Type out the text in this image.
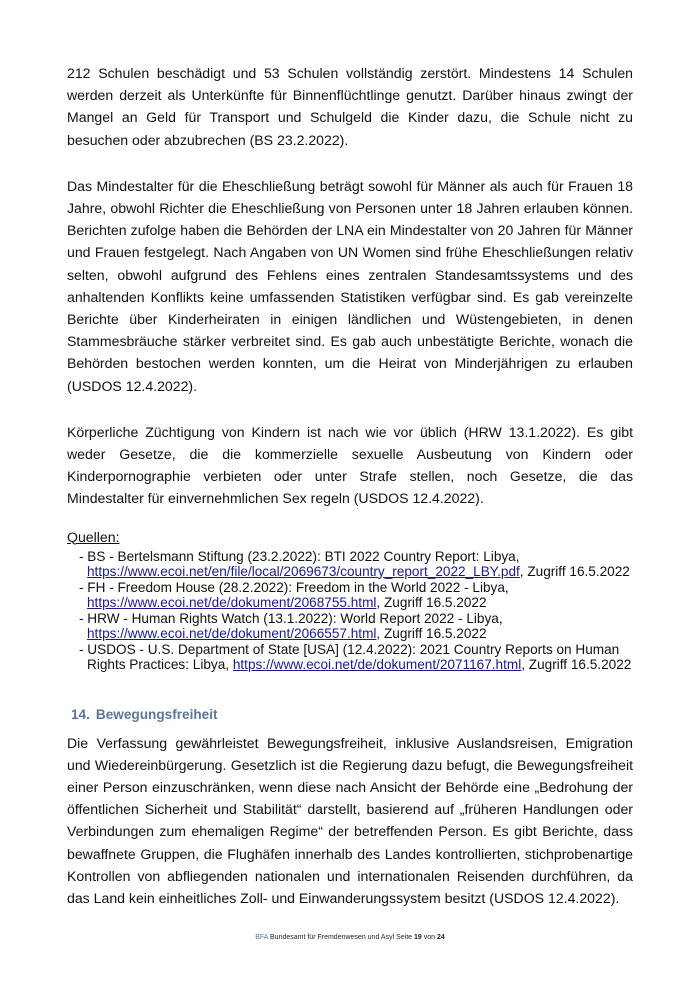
212 Schulen beschädigt und 53 Schulen vollständig zerstört. Mindestens 14 Schulen werden derzeit als Unterkünfte für Binnenflüchtlinge genutzt. Darüber hinaus zwingt der Mangel an Geld für Transport und Schulgeld die Kinder dazu, die Schule nicht zu besuchen oder abzubrechen (BS 23.2.2022).

Das Mindestalter für die Eheschließung beträgt sowohl für Männer als auch für Frauen 18 Jahre, obwohl Richter die Eheschließung von Personen unter 18 Jahren erlauben können. Berichten zufolge haben die Behörden der LNA ein Mindestalter von 20 Jahren für Männer und Frauen festgelegt. Nach Angaben von UN Women sind frühe Eheschließungen relativ selten, obwohl aufgrund des Fehlens eines zentralen Standesamtssystems und des anhaltenden Konflikts keine umfassenden Statistiken verfügbar sind. Es gab vereinzelte Berichte über Kinderheiraten in einigen ländlichen und Wüstengebieten, in denen Stammesbräuche stärker verbreitet sind. Es gab auch unbestätigte Berichte, wonach die Behörden bestochen werden konnten, um die Heirat von Minderjährigen zu erlauben (USDOS 12.4.2022).

Körperliche Züchtigung von Kindern ist nach wie vor üblich (HRW 13.1.2022). Es gibt weder Gesetze, die die kommerzielle sexuelle Ausbeutung von Kindern oder Kinderpornographie verbieten oder unter Strafe stellen, noch Gesetze, die das Mindestalter für einvernehmlichen Sex regeln (USDOS 12.4.2022).

Quellen:
- BS - Bertelsmann Stiftung (23.2.2022): BTI 2022 Country Report: Libya, https://www.ecoi.net/en/file/local/2069673/country_report_2022_LBY.pdf, Zugriff 16.5.2022
- FH - Freedom House (28.2.2022): Freedom in the World 2022 - Libya, https://www.ecoi.net/de/dokument/2068755.html, Zugriff 16.5.2022
- HRW - Human Rights Watch (13.1.2022): World Report 2022 - Libya, https://www.ecoi.net/de/dokument/2066557.html, Zugriff 16.5.2022
- USDOS - U.S. Department of State [USA] (12.4.2022): 2021 Country Reports on Human Rights Practices: Libya, https://www.ecoi.net/de/dokument/2071167.html, Zugriff 16.5.2022
14. Bewegungsfreiheit

Die Verfassung gewährleistet Bewegungsfreiheit, inklusive Auslandsreisen, Emigration und Wiedereinbürgerung. Gesetzlich ist die Regierung dazu befugt, die Bewegungsfreiheit einer Person einzuschränken, wenn diese nach Ansicht der Behörde eine „Bedrohung der öffentlichen Sicherheit und Stabilität“ darstellt, basierend auf „früheren Handlungen oder Verbindungen zum ehemaligen Regime“ der betreffenden Person. Es gibt Berichte, dass bewaffnete Gruppen, die Flughäfen innerhalb des Landes kontrollierten, stichprobenartige Kontrollen von abfliegenden nationalen und internationalen Reisenden durchführen, da das Land kein einheitliches Zoll- und Einwanderungssystem besitzt (USDOS 12.4.2022).

BFA Bundesamt für Fremdenwesen und Asyl Seite 19 von 24
